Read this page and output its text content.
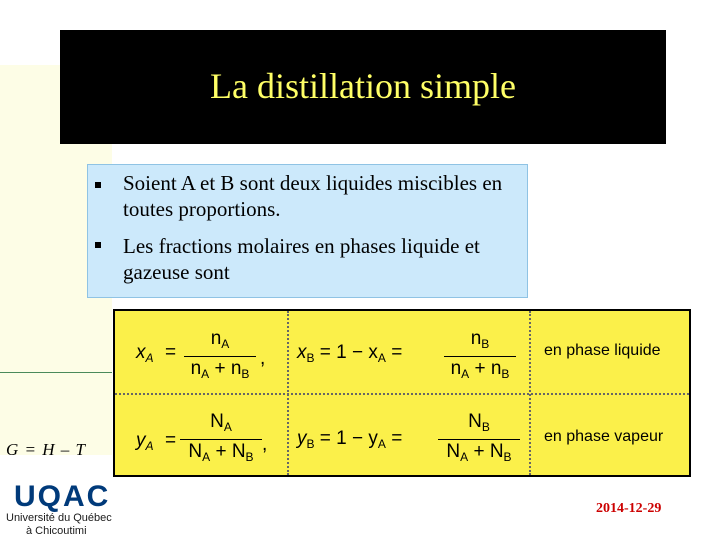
La distillation simple
Soient A et B sont deux liquides miscibles en toutes proportions.
Les fractions molaires en phases liquide et gazeuse sont
$x_A = \frac{n_A}{n_A + n_B}$ , $x_B = 1 - x_A = \frac{n_B}{n_A + n_B}$ en phase liquide
$y_A = \frac{N_A}{N_A + N_B}$ , $y_B = 1 - y_A = \frac{N_B}{N_A + N_B}$ en phase vapeur
G = H – T
UQAC
Université du Québec
à Chicoutimi
2014-12-29
